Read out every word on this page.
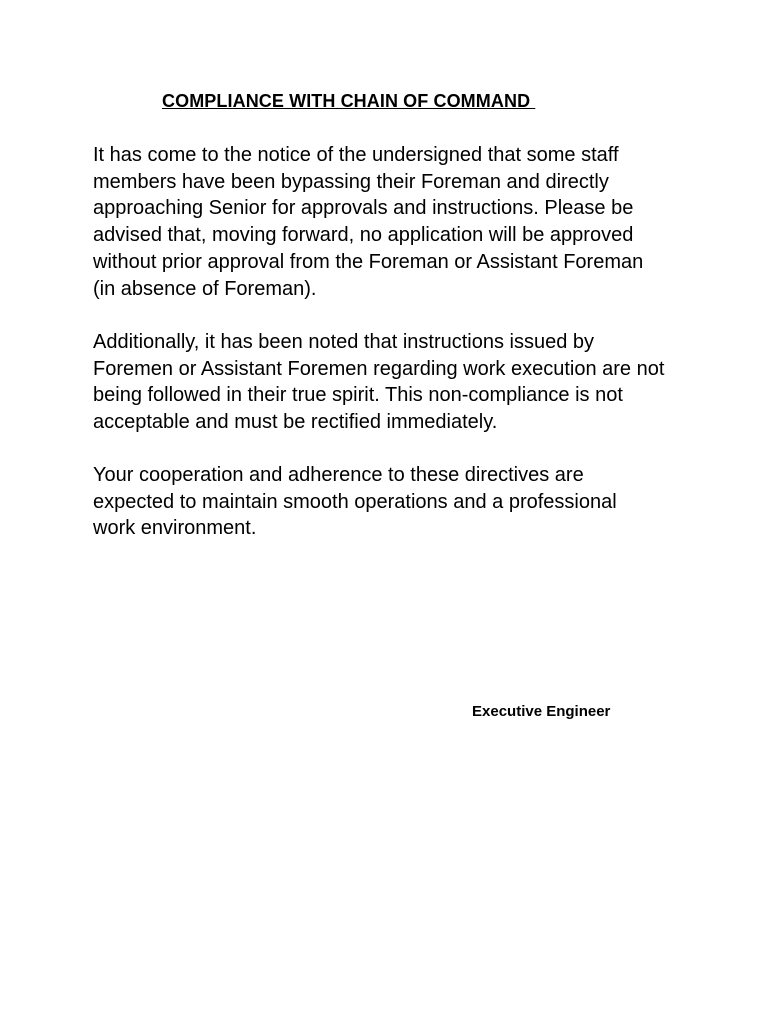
COMPLIANCE WITH CHAIN OF COMMAND

It has come to the notice of the undersigned that some staff
members have been bypassing their Foreman and directly
approaching Senior for approvals and instructions. Please be
advised that, moving forward, no application will be approved
without prior approval from the Foreman or Assistant Foreman
(in absence of Foreman).

Additionally, it has been noted that instructions issued by
Foremen or Assistant Foremen regarding work execution are not
being followed in their true spirit. This non-compliance is not
acceptable and must be rectified immediately.

Your cooperation and adherence to these directives are
expected to maintain smooth operations and a professional
work environment.

Executive Engineer
